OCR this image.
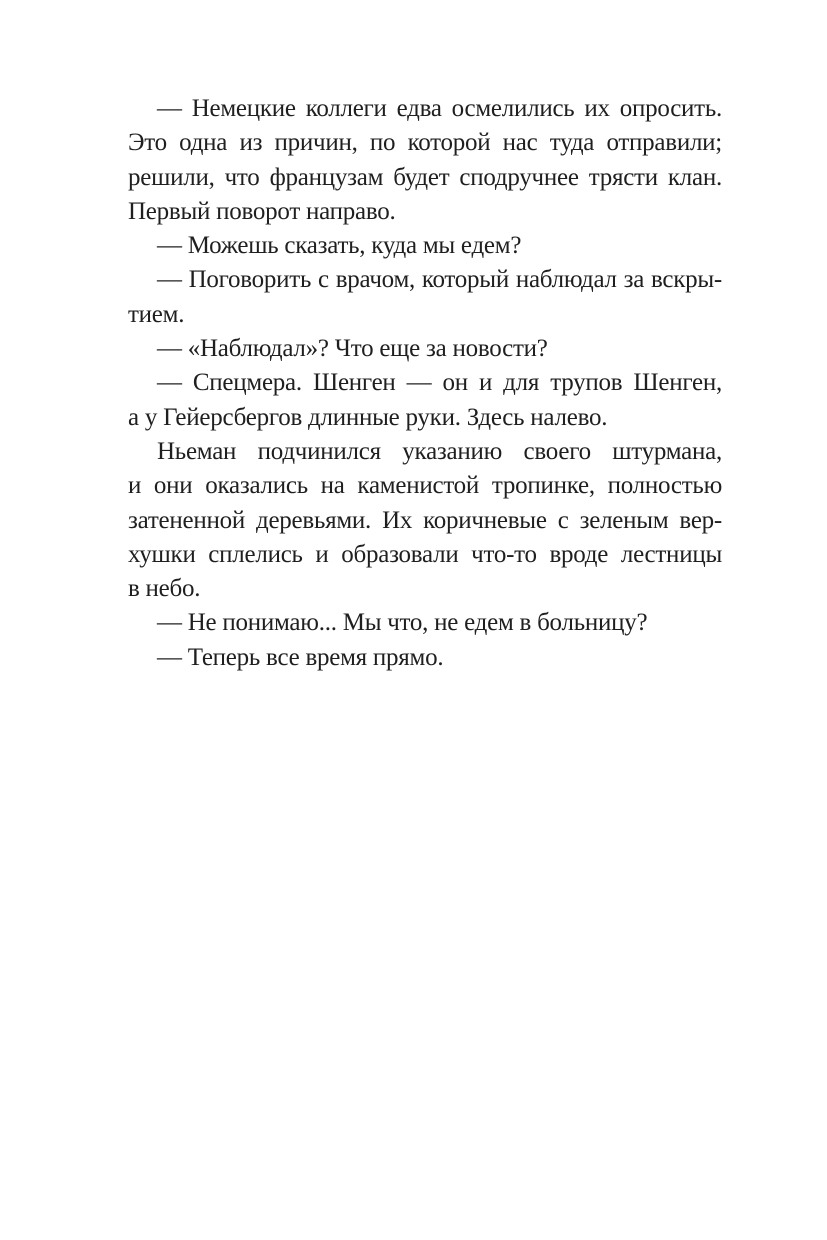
— Немецкие коллеги едва осмелились их опросить.
Это одна из причин, по которой нас туда отправили;
решили, что французам будет сподручнее трясти клан.
Первый поворот направо.
— Можешь сказать, куда мы едем?
— Поговорить с врачом, который наблюдал за вскры-
тием.
— «Наблюдал»? Что еще за новости?
— Спецмера. Шенген — он и для трупов Шенген,
а у Гейерсбергов длинные руки. Здесь налево.
Ньеман подчинился указанию своего штурмана,
и они оказались на каменистой тропинке, полностью
затененной деревьями. Их коричневые с зеленым вер-
хушки сплелись и образовали что-то вроде лестницы
в небо.
— Не понимаю... Мы что, не едем в больницу?
— Теперь все время прямо.
